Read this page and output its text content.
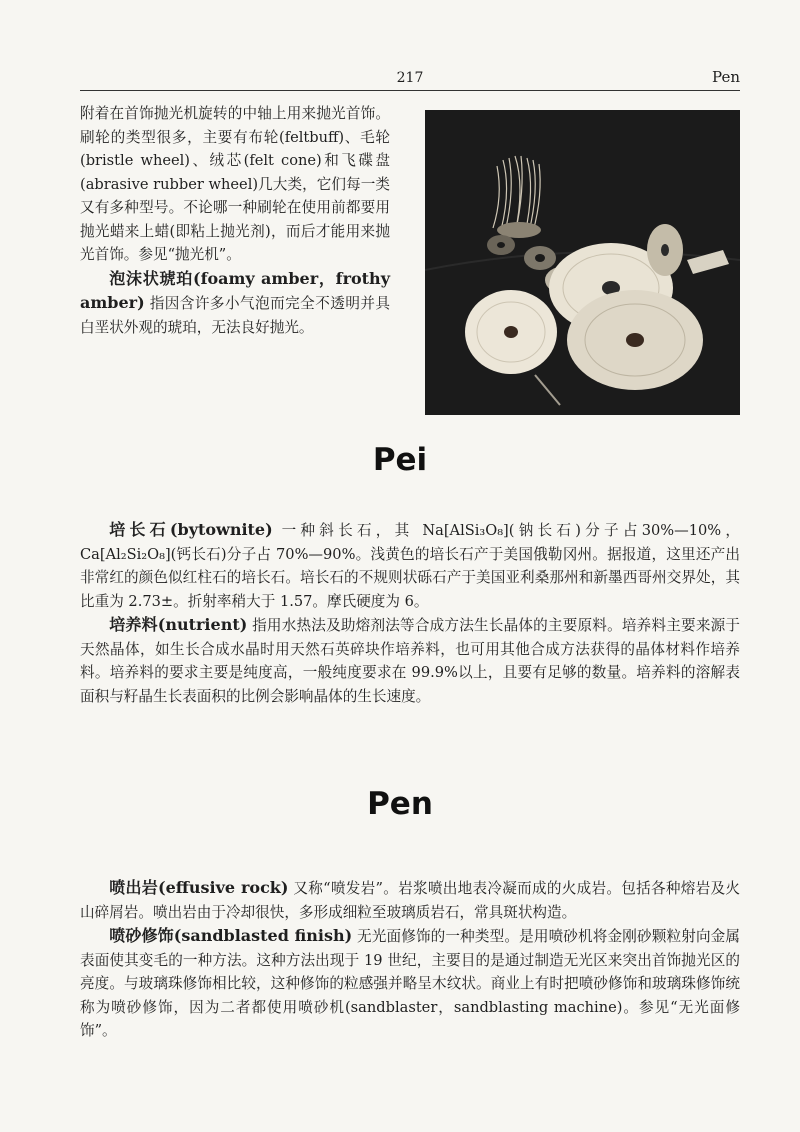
217	Pen

附着在首饰抛光机旋转的中轴上用来抛光首饰。刷轮的类型很多，主要有布轮(feltbuff)、毛轮(bristle wheel)、绒芯(felt cone)和飞碟盘(abrasive rubber wheel)几大类，它们每一类又有多种型号。不论哪一种刷轮在使用前都要用抛光蜡来上蜡(即粘上抛光剂)，而后才能用来抛光首饰。参见“抛光机”。

泡沫状琥珀(foamy amber，frothy amber) 指因含许多小气泡而完全不透明并具白垩状外观的琥珀，无法良好抛光。

Pei

培长石(bytownite) 一种斜长石，其 Na[AlSi₃O₈](钠长石)分子占30%—10%，Ca[Al₂Si₂O₈](钙长石)分子占 70%—90%。浅黄色的培长石产于美国俄勒冈州。据报道，这里还产出非常红的颜色似红柱石的培长石。培长石的不规则状砾石产于美国亚利桑那州和新墨西哥州交界处，其比重为 2.73±。折射率稍大于 1.57。摩氏硬度为 6。

培养料(nutrient) 指用水热法及助熔剂法等合成方法生长晶体的主要原料。培养料主要来源于天然晶体，如生长合成水晶时用天然石英碎块作培养料，也可用其他合成方法获得的晶体材料作培养料。培养料的要求主要是纯度高，一般纯度要求在 99.9%以上，且要有足够的数量。培养料的溶解表面积与籽晶生长表面积的比例会影响晶体的生长速度。

Pen

喷出岩(effusive rock) 又称“喷发岩”。岩浆喷出地表冷凝而成的火成岩。包括各种熔岩及火山碎屑岩。喷出岩由于冷却很快，多形成细粒至玻璃质岩石，常具斑状构造。

喷砂修饰(sandblasted finish) 无光面修饰的一种类型。是用喷砂机将金刚砂颗粒射向金属表面使其变毛的一种方法。这种方法出现于 19 世纪，主要目的是通过制造无光区来突出首饰抛光区的亮度。与玻璃珠修饰相比较，这种修饰的粒感强并略呈木纹状。商业上有时把喷砂修饰和玻璃珠修饰统称为喷砂修饰，因为二者都使用喷砂机(sandblaster，sandblasting machine)。参见“无光面修饰”。
